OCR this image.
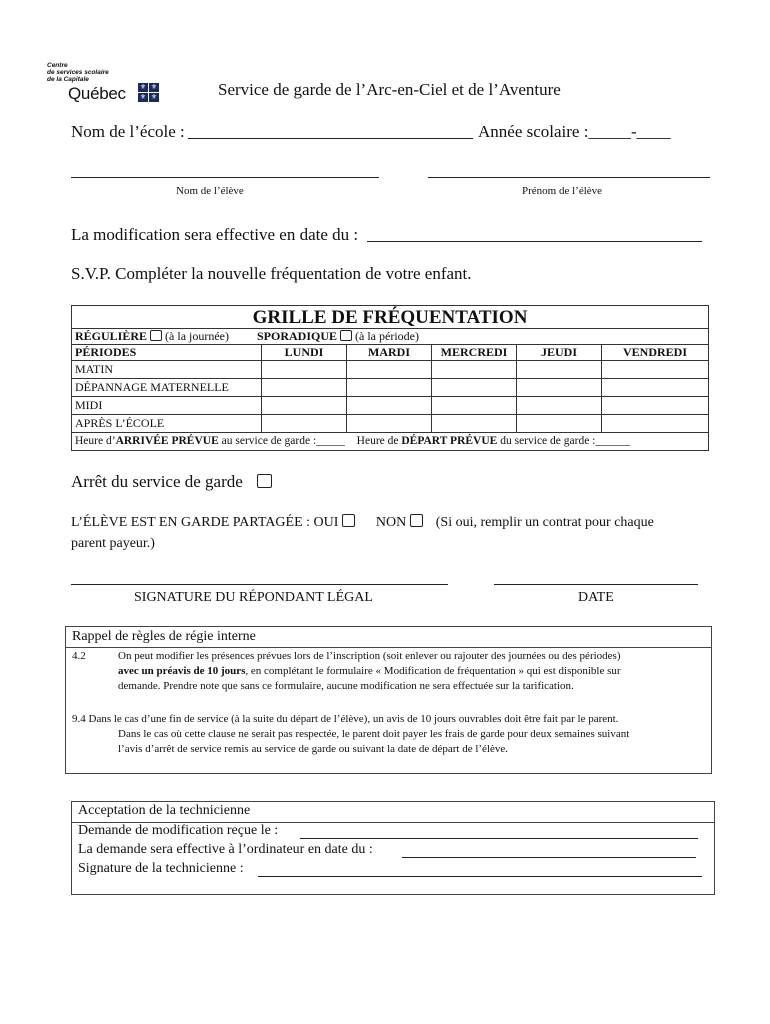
Centre
de services scolaire
de la Capitale
Québec ⚜ ⚜
⚜ ⚜	Service de garde de l’Arc-en-Ciel et de l’Aventure
Nom de l’école :	Année scolaire :_____-____
Nom de l’élève	Prénom de l’élève
La modification sera effective en date du :
S.V.P. Compléter la nouvelle fréquentation de votre enfant.
GRILLE DE FRÉQUENTATION					
RÉGULIÈRE (à la journée) SPORADIQUE (à la période)					
PÉRIODES	LUNDI	MARDI	MERCREDI	JEUDI	VENDREDI
MATIN					
DÉPANNAGE MATERNELLE					
MIDI					
APRÈS L’ÉCOLE					
Heure d’ARRIVÉE PRÉVUE au service de garde :_____ Heure de DÉPART PRÉVUE du service de garde :______					
Arrêt du service de garde
L’ÉLÈVE EST EN GARDE PARTAGÉE : OUI	NON (Si oui, remplir un contrat pour chaque
parent payeur.)
SIGNATURE DU RÉPONDANT LÉGAL	DATE
Rappel de règles de régie interne
4.2	On peut modifier les présences prévues lors de l’inscription (soit enlever ou rajouter des journées ou des périodes)
avec un préavis de 10 jours, en complétant le formulaire « Modification de fréquentation » qui est disponible sur
demande. Prendre note que sans ce formulaire, aucune modification ne sera effectuée sur la tarification.
9.4 Dans le cas d’une fin de service (à la suite du départ de l’élève), un avis de 10 jours ouvrables doit être fait par le parent.
Dans le cas où cette clause ne serait pas respectée, le parent doit payer les frais de garde pour deux semaines suivant
l’avis d’arrêt de service remis au service de garde ou suivant la date de départ de l’élève.
Acceptation de la technicienne
Demande de modification reçue le :
La demande sera effective à l’ordinateur en date du :
Signature de la technicienne :
